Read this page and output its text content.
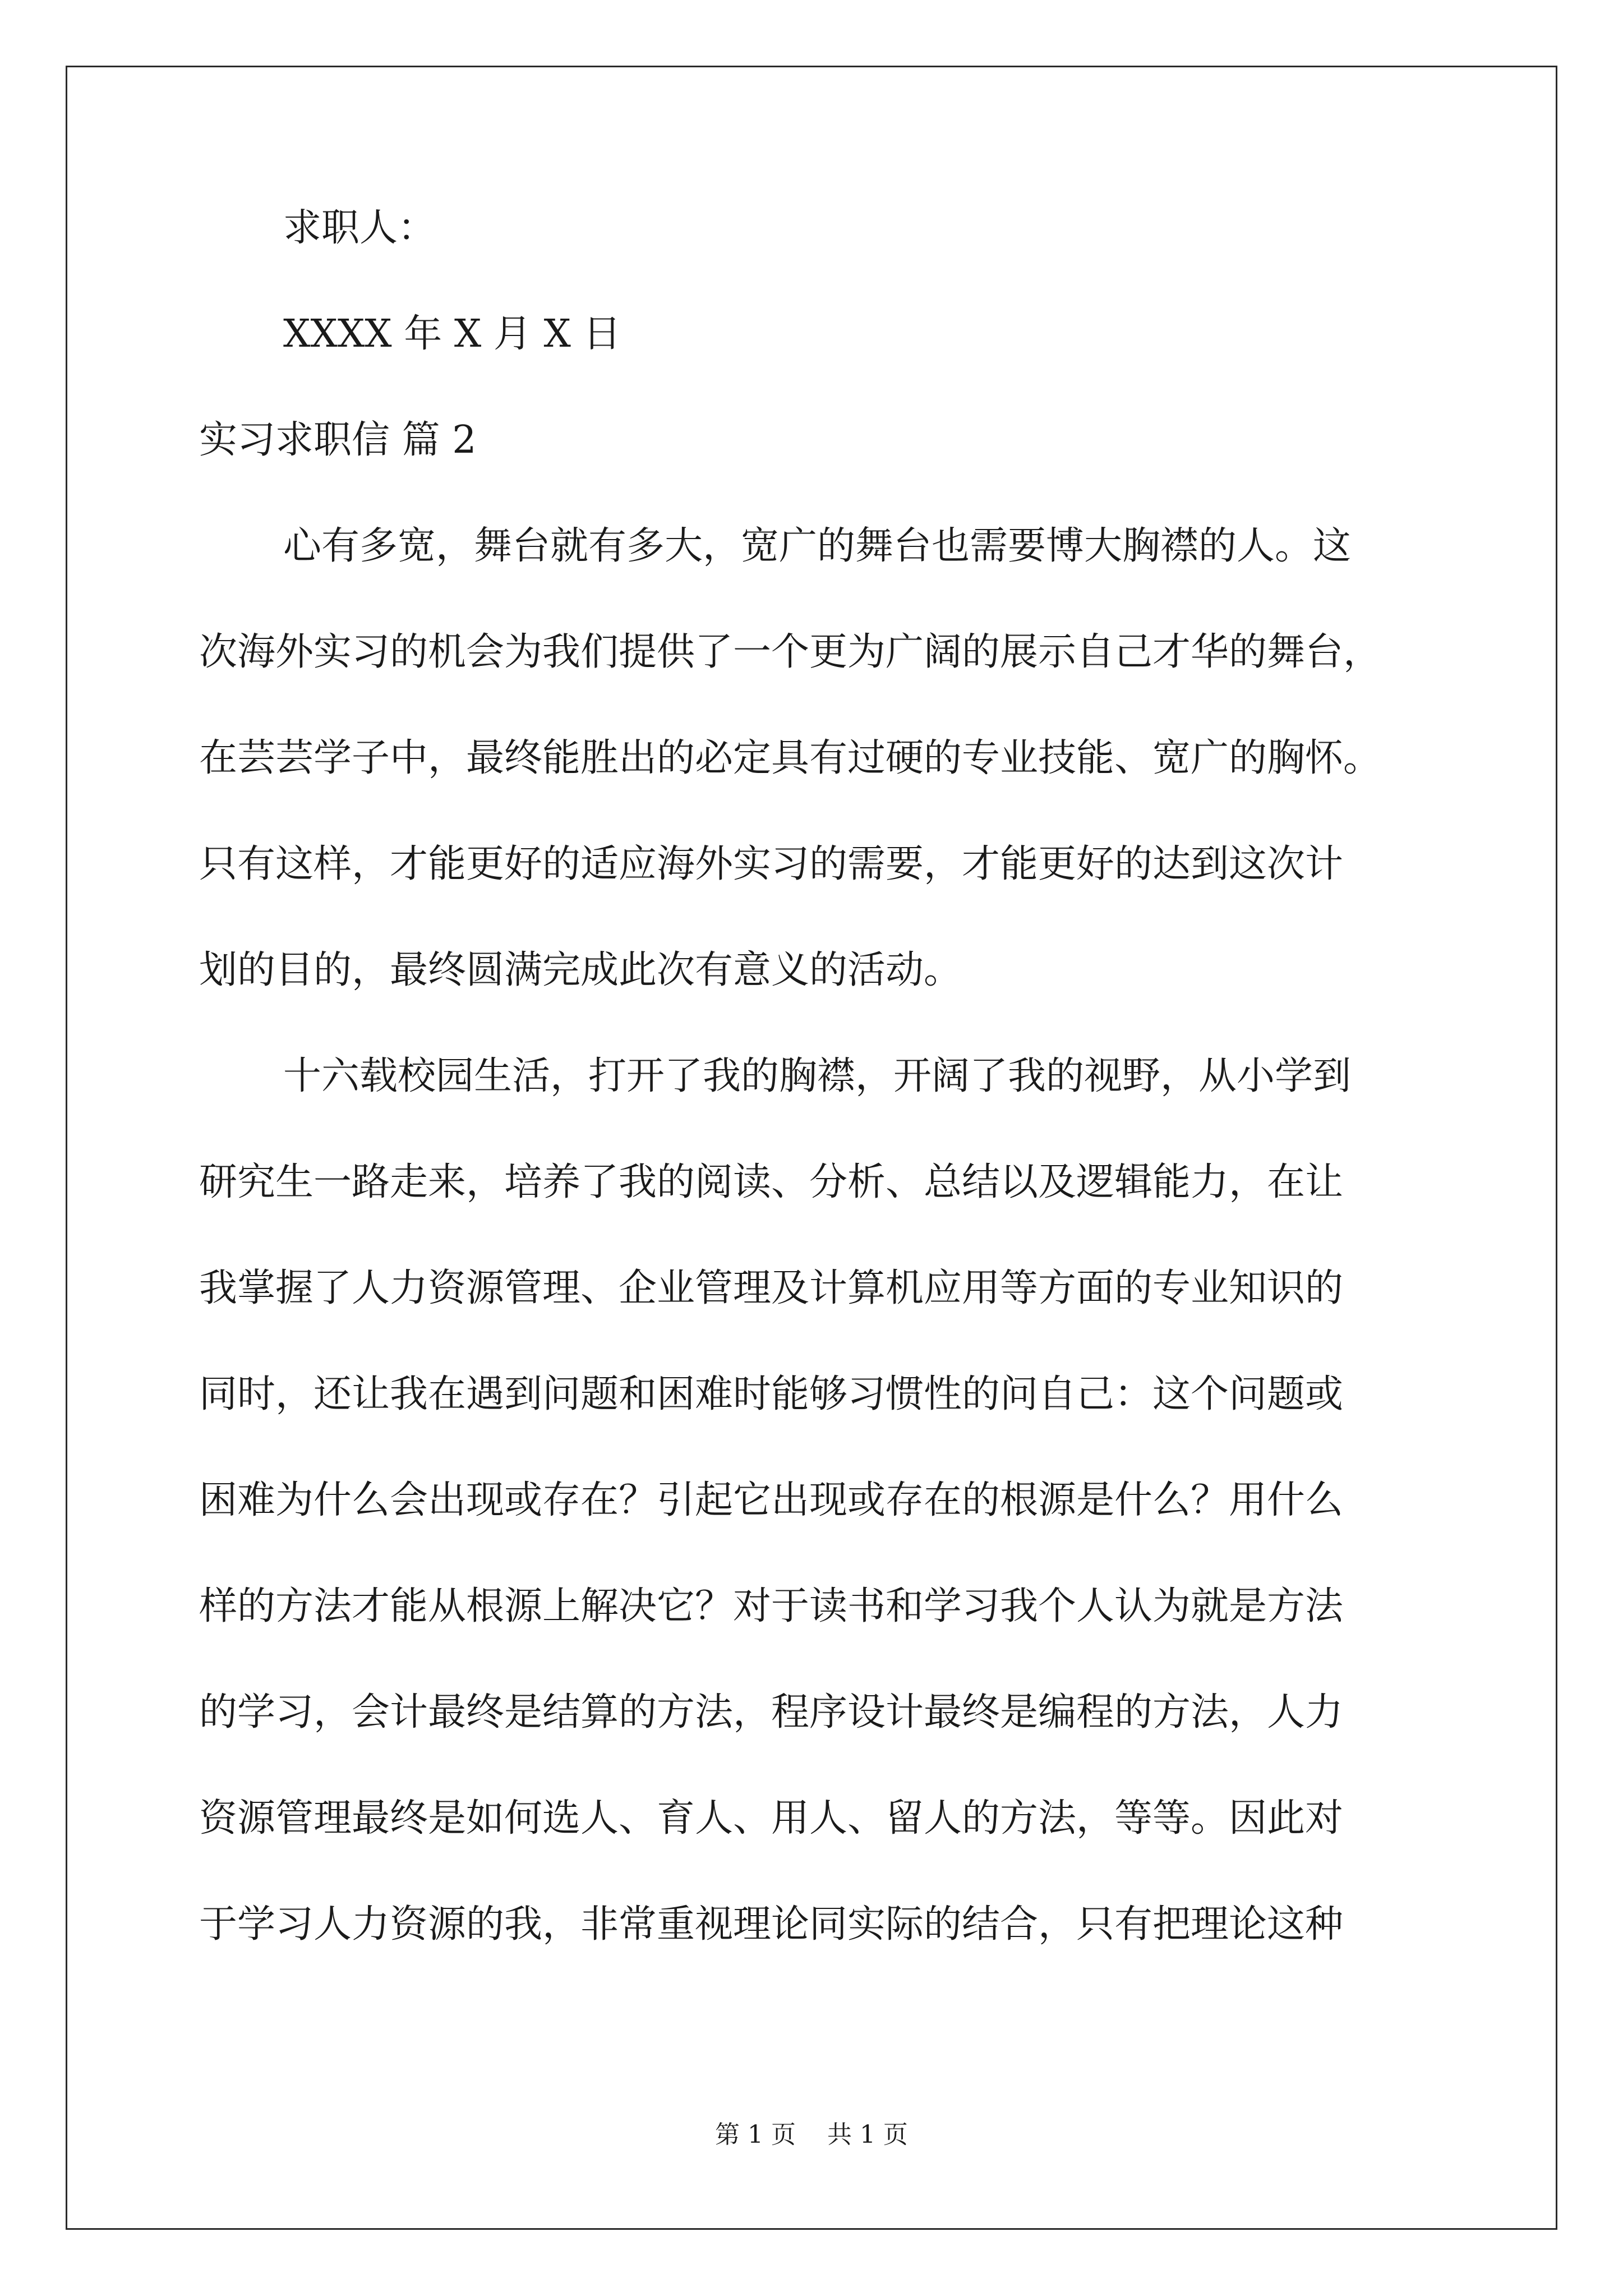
求职人：

XXXX 年 X 月 X 日

实习求职信 篇 2

心有多宽，舞台就有多大，宽广的舞台也需要博大胸襟的人。这

次海外实习的机会为我们提供了一个更为广阔的展示自己才华的舞台，

在芸芸学子中，最终能胜出的必定具有过硬的专业技能、宽广的胸怀。

只有这样，才能更好的适应海外实习的需要，才能更好的达到这次计

划的目的，最终圆满完成此次有意义的活动。

十六载校园生活，打开了我的胸襟，开阔了我的视野，从小学到

研究生一路走来，培养了我的阅读、分析、总结以及逻辑能力，在让

我掌握了人力资源管理、企业管理及计算机应用等方面的专业知识的

同时，还让我在遇到问题和困难时能够习惯性的问自己：这个问题或

困难为什么会出现或存在？引起它出现或存在的根源是什么？用什么

样的方法才能从根源上解决它？对于读书和学习我个人认为就是方法

的学习，会计最终是结算的方法，程序设计最终是编程的方法，人力

资源管理最终是如何选人、育人、用人、留人的方法，等等。因此对

于学习人力资源的我，非常重视理论同实际的结合，只有把理论这种

第 1 页    共 1 页
